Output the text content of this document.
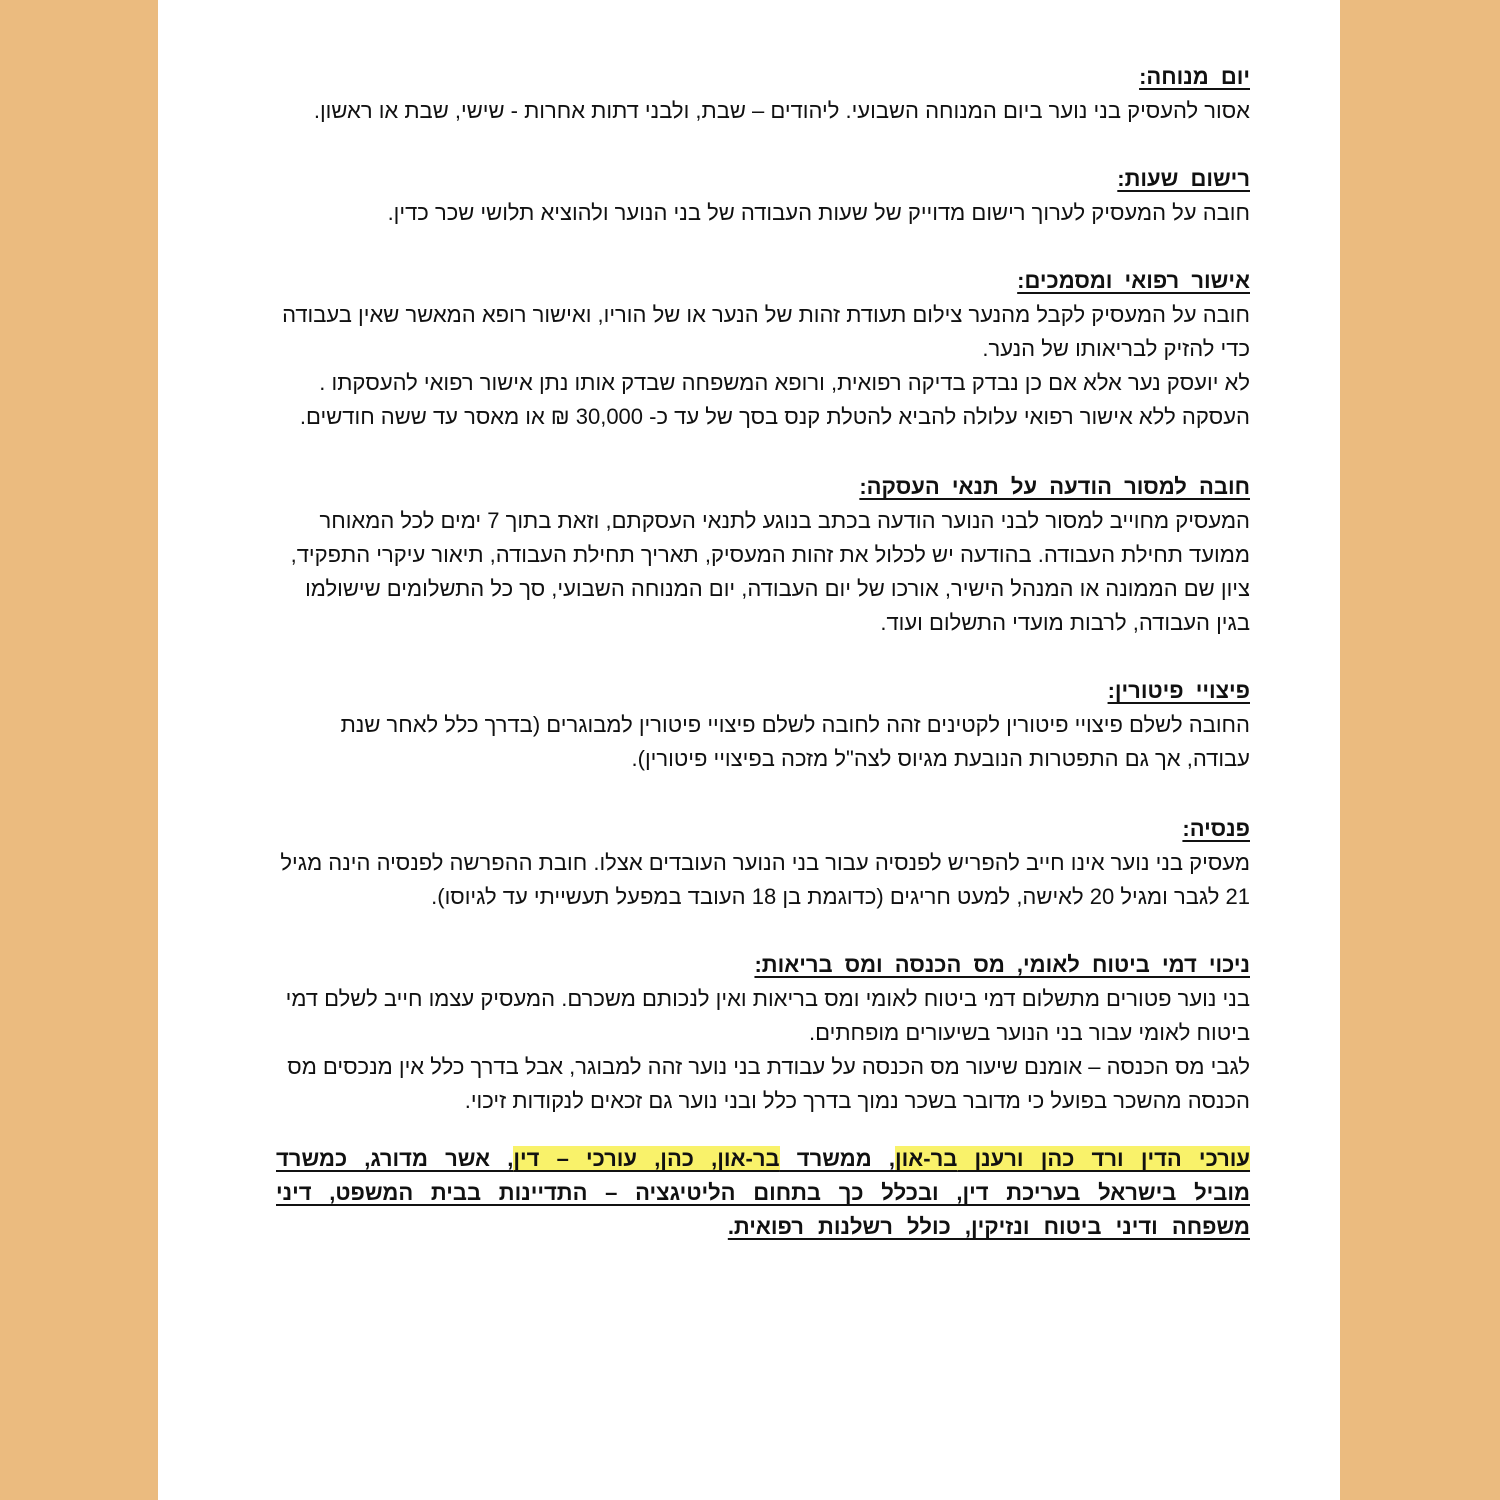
יום מנוחה:

אסור להעסיק בני נוער ביום המנוחה השבועי. ליהודים – שבת, ולבני דתות אחרות - שישי, שבת או ראשון.

רישום שעות:

חובה על המעסיק לערוך רישום מדוייק של שעות העבודה של בני הנוער ולהוציא תלושי שכר כדין.

אישור רפואי ומסמכים:

חובה על המעסיק לקבל מהנער צילום תעודת זהות של הנער או של הוריו, ואישור רופא המאשר שאין בעבודה כדי להזיק לבריאותו של הנער.

לא יועסק נער אלא אם כן נבדק בדיקה רפואית, ורופא המשפחה שבדק אותו נתן אישור רפואי להעסקתו .

העסקה ללא אישור רפואי עלולה להביא להטלת קנס בסך של עד כ- 30,000 ₪ או מאסר עד ששה חודשים.

חובה למסור הודעה על תנאי העסקה:

המעסיק מחוייב למסור לבני הנוער הודעה בכתב בנוגע לתנאי העסקתם, וזאת בתוך 7 ימים לכל המאוחר ממועד תחילת העבודה. בהודעה יש לכלול את זהות המעסיק, תאריך תחילת העבודה, תיאור עיקרי התפקיד, ציון שם הממונה או המנהל הישיר, אורכו של יום העבודה, יום המנוחה השבועי, סך כל התשלומים שישולמו בגין העבודה, לרבות מועדי התשלום ועוד.

פיצויי פיטורין:

החובה לשלם פיצויי פיטורין לקטינים זהה לחובה לשלם פיצויי פיטורין למבוגרים (בדרך כלל לאחר שנת עבודה, אך גם התפטרות הנובעת מגיוס לצה"ל מזכה בפיצויי פיטורין).

פנסיה:

מעסיק בני נוער אינו חייב להפריש לפנסיה עבור בני הנוער העובדים אצלו. חובת ההפרשה לפנסיה הינה מגיל 21 לגבר ומגיל 20 לאישה, למעט חריגים (כדוגמת בן 18 העובד במפעל תעשייתי עד לגיוסו).

ניכוי דמי ביטוח לאומי, מס הכנסה ומס בריאות:

בני נוער פטורים מתשלום דמי ביטוח לאומי ומס בריאות ואין לנכותם משכרם. המעסיק עצמו חייב לשלם דמי ביטוח לאומי עבור בני הנוער בשיעורים מופחתים.

לגבי מס הכנסה – אומנם שיעור מס הכנסה על עבודת בני נוער זהה למבוגר, אבל בדרך כלל אין מנכסים מס הכנסה מהשכר בפועל כי מדובר בשכר נמוך בדרך כלל ובני נוער גם זכאים לנקודות זיכוי.

עורכי הדין ורד כהן ורענן בר-און, ממשרד בר-און, כהן, עורכי – דין, אשר מדורג, כמשרד מוביל בישראל בעריכת דין, ובכלל כך בתחום הליטיגציה – התדיינות בבית המשפט, דיני משפחה ודיני ביטוח ונזיקין, כולל רשלנות רפואית.
